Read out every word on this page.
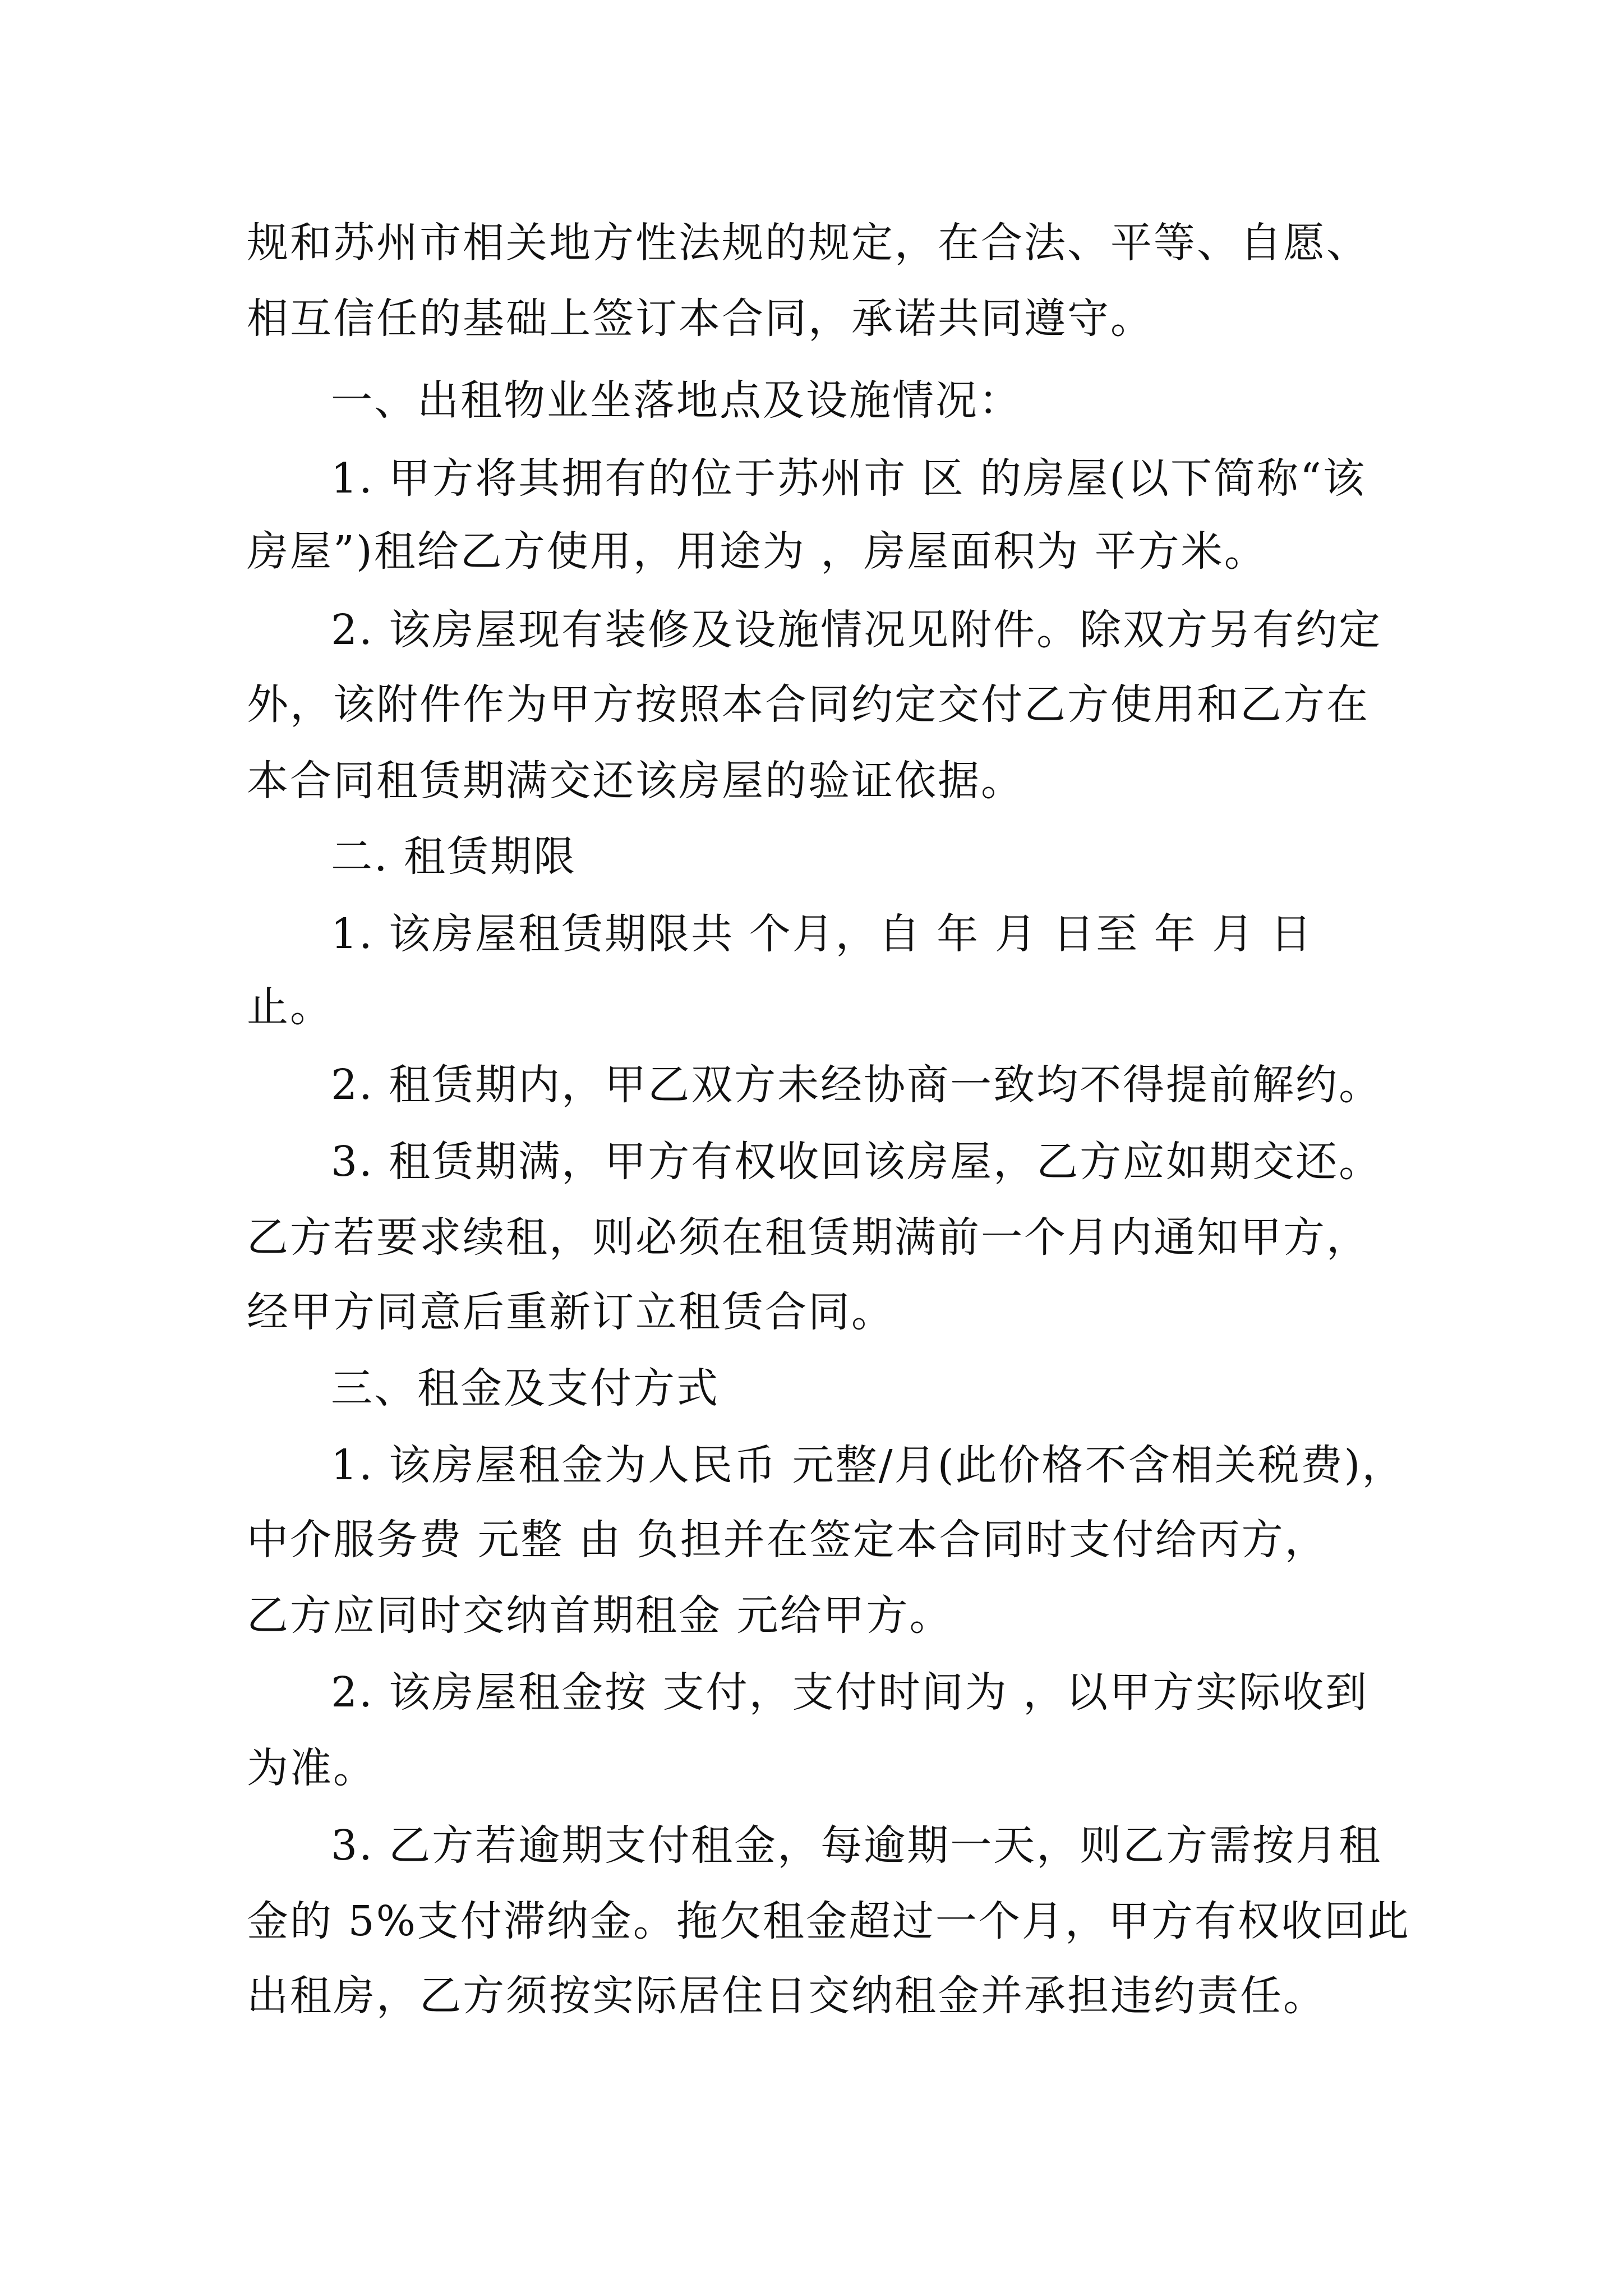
规和苏州市相关地方性法规的规定，在合法、平等、自愿、
相互信任的基础上签订本合同，承诺共同遵守。
一、出租物业坐落地点及设施情况：
1. 甲方将其拥有的位于苏州市 区 的房屋(以下简称“该
房屋”)租给乙方使用，用途为 ，房屋面积为 平方米。
2. 该房屋现有装修及设施情况见附件。除双方另有约定
外，该附件作为甲方按照本合同约定交付乙方使用和乙方在
本合同租赁期满交还该房屋的验证依据。
二. 租赁期限
1. 该房屋租赁期限共 个月，自 年 月 日至 年 月 日
止。
2. 租赁期内，甲乙双方未经协商一致均不得提前解约。
3. 租赁期满，甲方有权收回该房屋，乙方应如期交还。
乙方若要求续租，则必须在租赁期满前一个月内通知甲方，
经甲方同意后重新订立租赁合同。
三、租金及支付方式
1. 该房屋租金为人民币 元整/月(此价格不含相关税费)，
中介服务费 元整 由 负担并在签定本合同时支付给丙方，
乙方应同时交纳首期租金 元给甲方。
2. 该房屋租金按 支付，支付时间为 ，以甲方实际收到
为准。
3. 乙方若逾期支付租金，每逾期一天，则乙方需按月租
金的 5%支付滞纳金。拖欠租金超过一个月，甲方有权收回此
出租房，乙方须按实际居住日交纳租金并承担违约责任。
